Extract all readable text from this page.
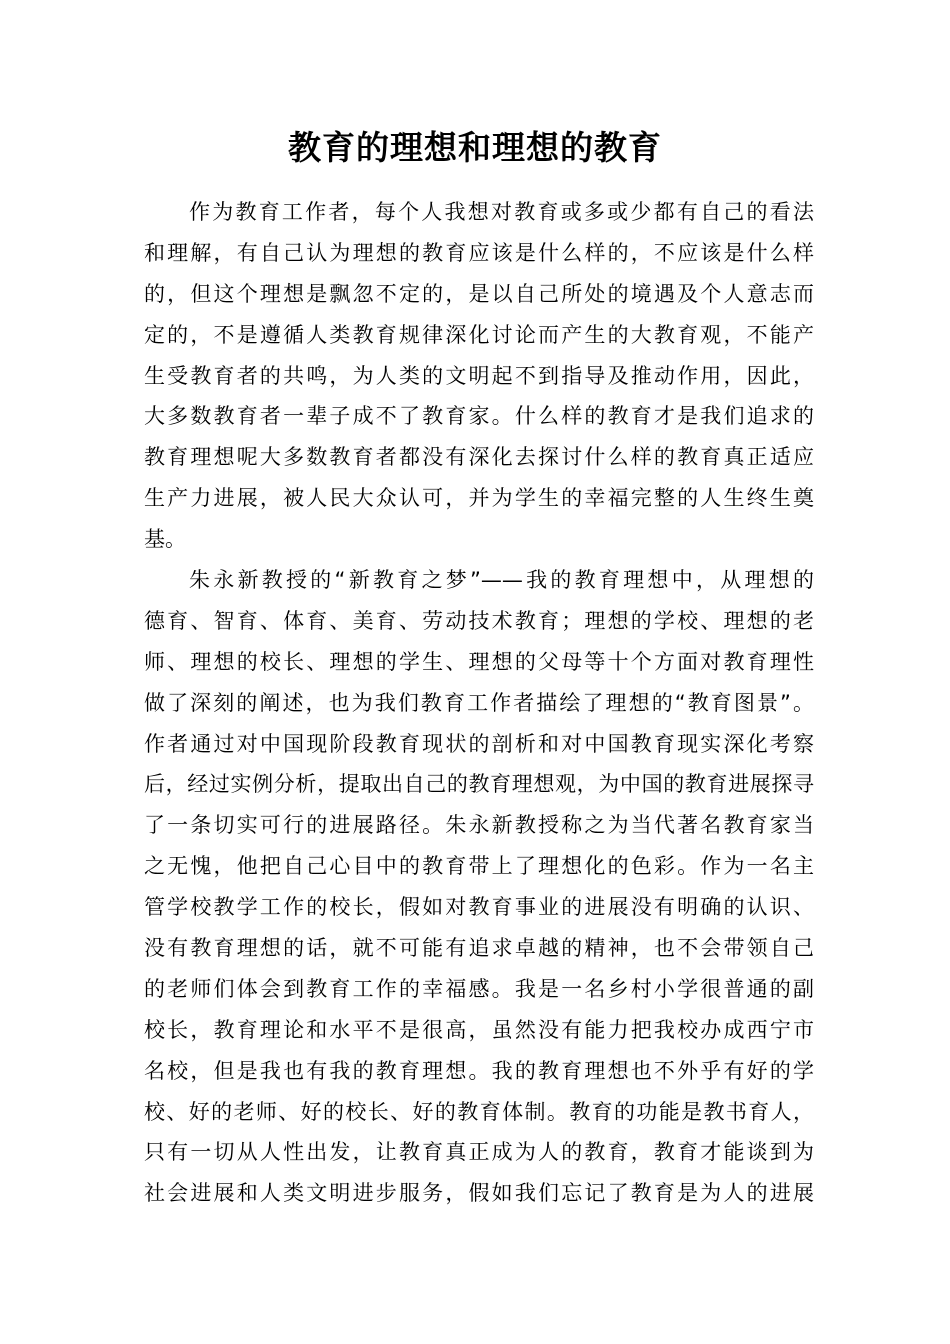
教育的理想和理想的教育
作为教育工作者，每个人我想对教育或多或少都有自己的看法
和理解，有自己认为理想的教育应该是什么样的，不应该是什么样
的，但这个理想是飘忽不定的，是以自己所处的境遇及个人意志而
定的，不是遵循人类教育规律深化讨论而产生的大教育观，不能产
生受教育者的共鸣，为人类的文明起不到指导及推动作用，因此，
大多数教育者一辈子成不了教育家。什么样的教育才是我们追求的
教育理想呢大多数教育者都没有深化去探讨什么样的教育真正适应
生产力进展，被人民大众认可，并为学生的幸福完整的人生终生奠
基。
朱永新教授的“新教育之梦”——我的教育理想中，从理想的
德育、智育、体育、美育、劳动技术教育；理想的学校、理想的老
师、理想的校长、理想的学生、理想的父母等十个方面对教育理性
做了深刻的阐述，也为我们教育工作者描绘了理想的“教育图景”。
作者通过对中国现阶段教育现状的剖析和对中国教育现实深化考察
后，经过实例分析，提取出自己的教育理想观，为中国的教育进展探寻
了一条切实可行的进展路径。朱永新教授称之为当代著名教育家当
之无愧，他把自己心目中的教育带上了理想化的色彩。作为一名主
管学校教学工作的校长，假如对教育事业的进展没有明确的认识、
没有教育理想的话，就不可能有追求卓越的精神，也不会带领自己
的老师们体会到教育工作的幸福感。我是一名乡村小学很普通的副
校长，教育理论和水平不是很高，虽然没有能力把我校办成西宁市
名校，但是我也有我的教育理想。我的教育理想也不外乎有好的学
校、好的老师、好的校长、好的教育体制。教育的功能是教书育人，
只有一切从人性出发，让教育真正成为人的教育，教育才能谈到为
社会进展和人类文明进步服务，假如我们忘记了教育是为人的进展
